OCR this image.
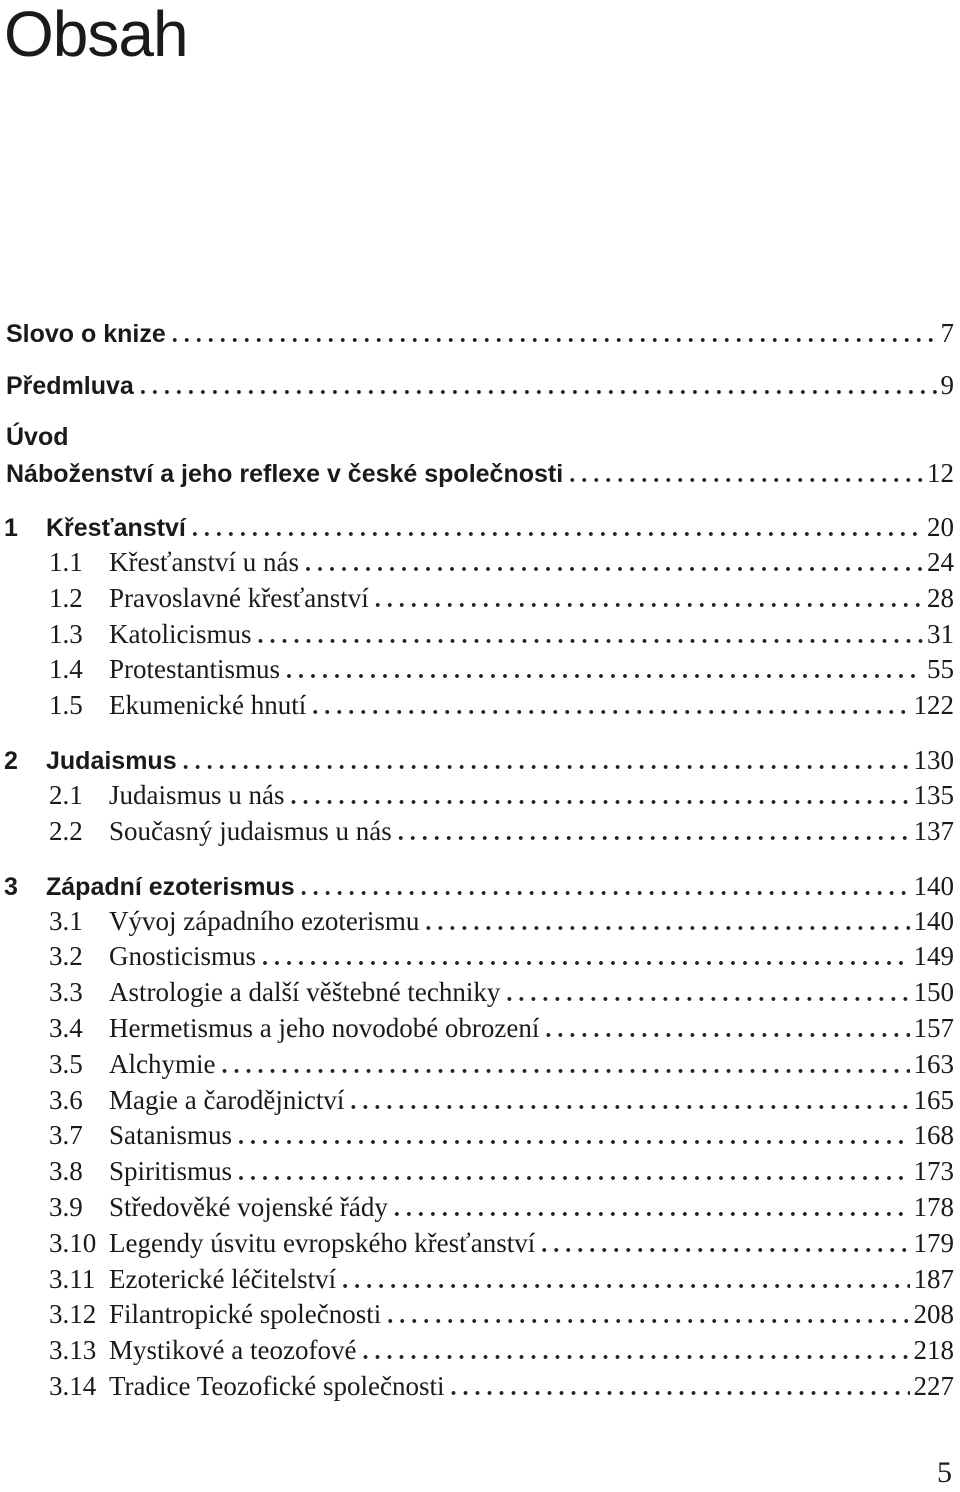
Obsah
Slovo o knize . . .	7
Předmluva . . .	9
Úvod
Náboženství a jeho reflexe v české společnosti . . .	12
1	Křesťanství . . .	20
1.1 Křesťanství u nás . . .	24
1.2 Pravoslavné křesťanství . . .	28
1.3 Katolicismus . . .	31
1.4 Protestantismus . . .	55
1.5 Ekumenické hnutí . . .	122
2	Judaismus . . .	130
2.1 Judaismus u nás . . .	135
2.2 Současný judaismus u nás . . .	137
3	Západní ezoterismus . . .	140
3.1 Vývoj západního ezoterismu . . .	140
3.2 Gnosticismus . . .	149
3.3 Astrologie a další věštebné techniky . . .	150
3.4 Hermetismus a jeho novodobé obrození . . .	157
3.5 Alchymie . . .	163
3.6 Magie a čarodějnictví . . .	165
3.7 Satanismus . . .	168
3.8 Spiritismus . . .	173
3.9 Středověké vojenské řády . . .	178
3.10 Legendy úsvitu evropského křesťanství . . .	179
3.11 Ezoterické léčitelství . . .	187
3.12 Filantropické společnosti . . .	208
3.13 Mystikové a teozofové . . .	218
3.14 Tradice Teozofické společnosti . . .	227
5
